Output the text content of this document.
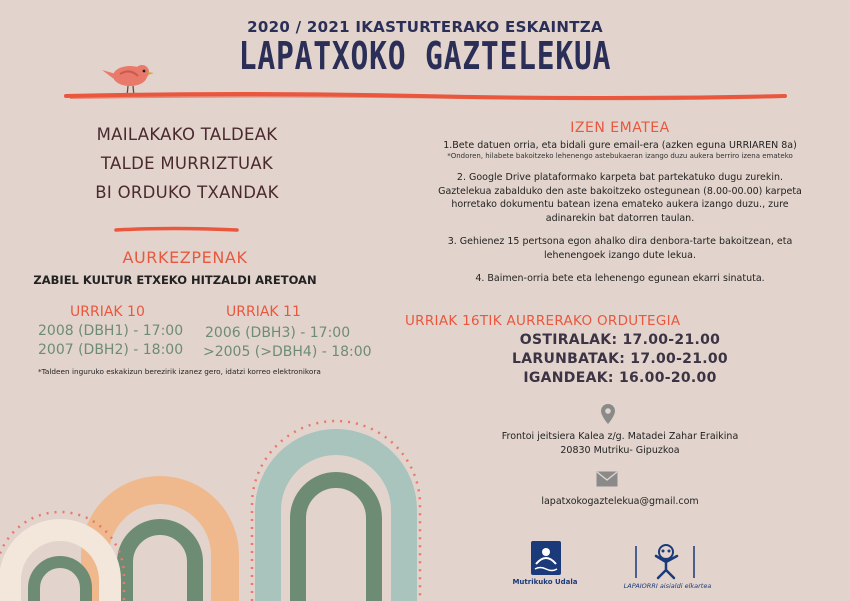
2020 / 2021 IKASTURTERAKO ESKAINTZA
LAPATXOKO GAZTELEKUA
MAILAKAKO TALDEAK
TALDE MURRIZTUAK
BI ORDUKO TXANDAK
AURKEZPENAK
ZABIEL KULTUR ETXEKO HITZALDI ARETOAN
URRIAK 10
2008 (DBH1) - 17:00
2007 (DBH2) - 18:00
URRIAK 11
2006 (DBH3) - 17:00
>2005 (>DBH4) - 18:00
*Taldeen inguruko eskakizun berezirik izanez gero, idatzi korreo elektronikora
IZEN EMATEA
1.Bete datuen orria, eta bidali gure email-era (azken eguna URRIAREN 8a)
*Ondoren, hilabete bakoitzeko lehenengo astebukaeran izango duzu aukera berriro izena emateko
2. Google Drive plataformako karpeta bat partekatuko dugu zurekin.
Gaztelekua zabalduko den aste bakoitzeko ostegunean (8.00-00.00) karpeta
horretako dokumentu batean izena emateko aukera izango duzu., zure
adinarekin bat datorren taulan.
3. Gehienez 15 pertsona egon ahalko dira denbora-tarte bakoitzean, eta
lehenengoek izango dute lekua.
4. Baimen-orria bete eta lehenengo egunean ekarri sinatuta.
URRIAK 16TIK AURRERAKO ORDUTEGIA
OSTIRALAK: 17.00-21.00
LARUNBATAK: 17.00-21.00
IGANDEAK: 16.00-20.00
Frontoi jeitsiera Kalea z/g. Matadei Zahar Eraikina
20830 Mutriku- Gipuzkoa
lapatxokogaztelekua@gmail.com
Mutrikuko Udala	LAPAIORRI aisialdi elkartea
